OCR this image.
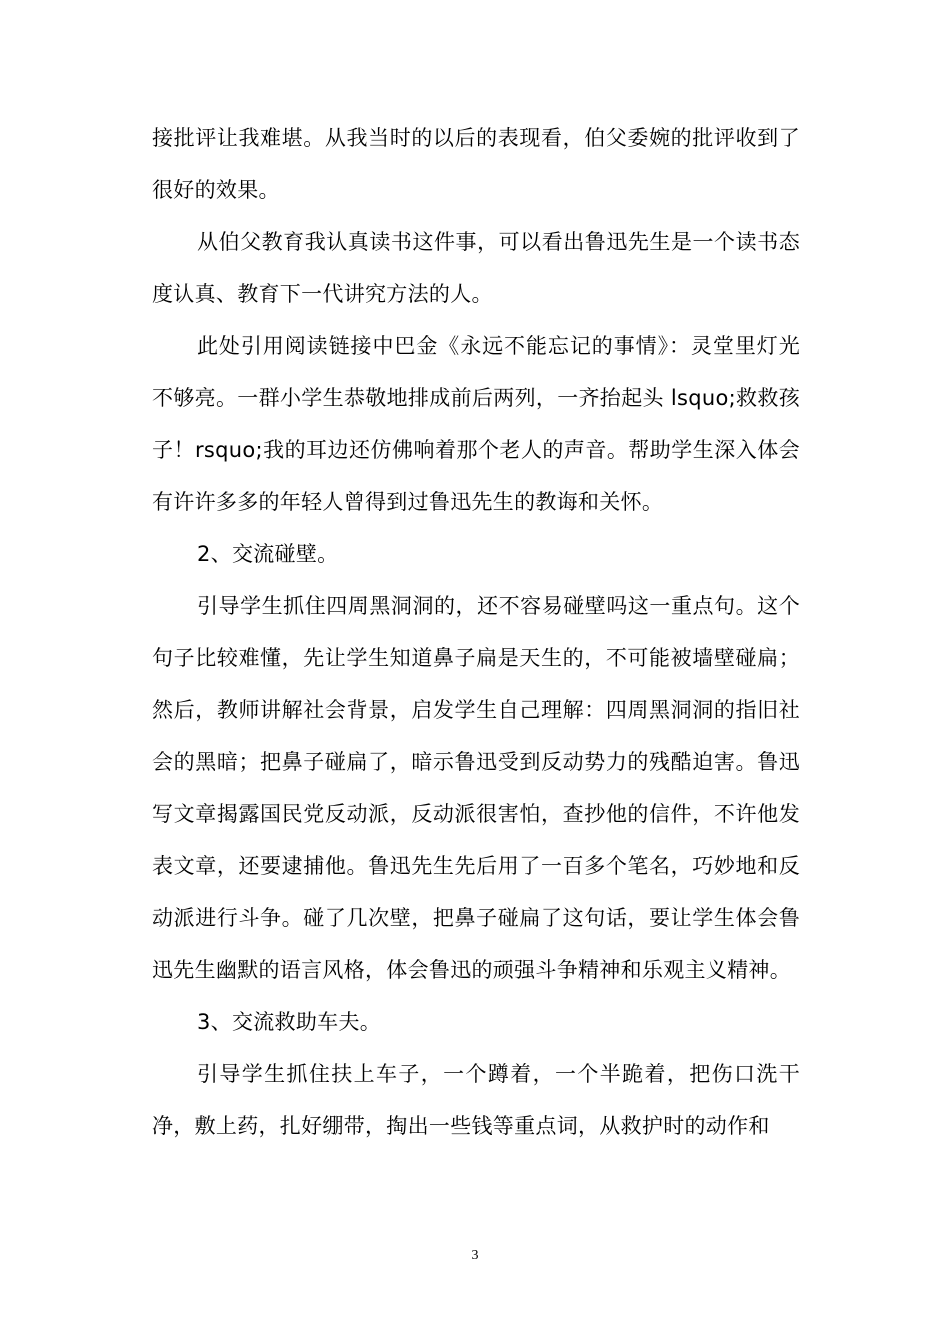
接批评让我难堪。从我当时的以后的表现看，伯父委婉的批评收到了很好的效果。

从伯父教育我认真读书这件事，可以看出鲁迅先生是一个读书态度认真、教育下一代讲究方法的人。

此处引用阅读链接中巴金《永远不能忘记的事情》：灵堂里灯光不够亮。一群小学生恭敬地排成前后两列，一齐抬起头 lsquo;救救孩子！rsquo;我的耳边还仿佛响着那个老人的声音。帮助学生深入体会有许许多多的年轻人曾得到过鲁迅先生的教诲和关怀。

2、交流碰壁。

引导学生抓住四周黑洞洞的，还不容易碰壁吗这一重点句。这个句子比较难懂，先让学生知道鼻子扁是天生的，不可能被墙壁碰扁；然后，教师讲解社会背景，启发学生自己理解：四周黑洞洞的指旧社会的黑暗；把鼻子碰扁了，暗示鲁迅受到反动势力的残酷迫害。鲁迅写文章揭露国民党反动派，反动派很害怕，查抄他的信件，不许他发表文章，还要逮捕他。鲁迅先生先后用了一百多个笔名，巧妙地和反动派进行斗争。碰了几次壁，把鼻子碰扁了这句话，要让学生体会鲁迅先生幽默的语言风格，体会鲁迅的顽强斗争精神和乐观主义精神。

3、交流救助车夫。

引导学生抓住扶上车子，一个蹲着，一个半跪着，把伤口洗干净，敷上药，扎好绷带，掏出一些钱等重点词，从救护时的动作和

3
